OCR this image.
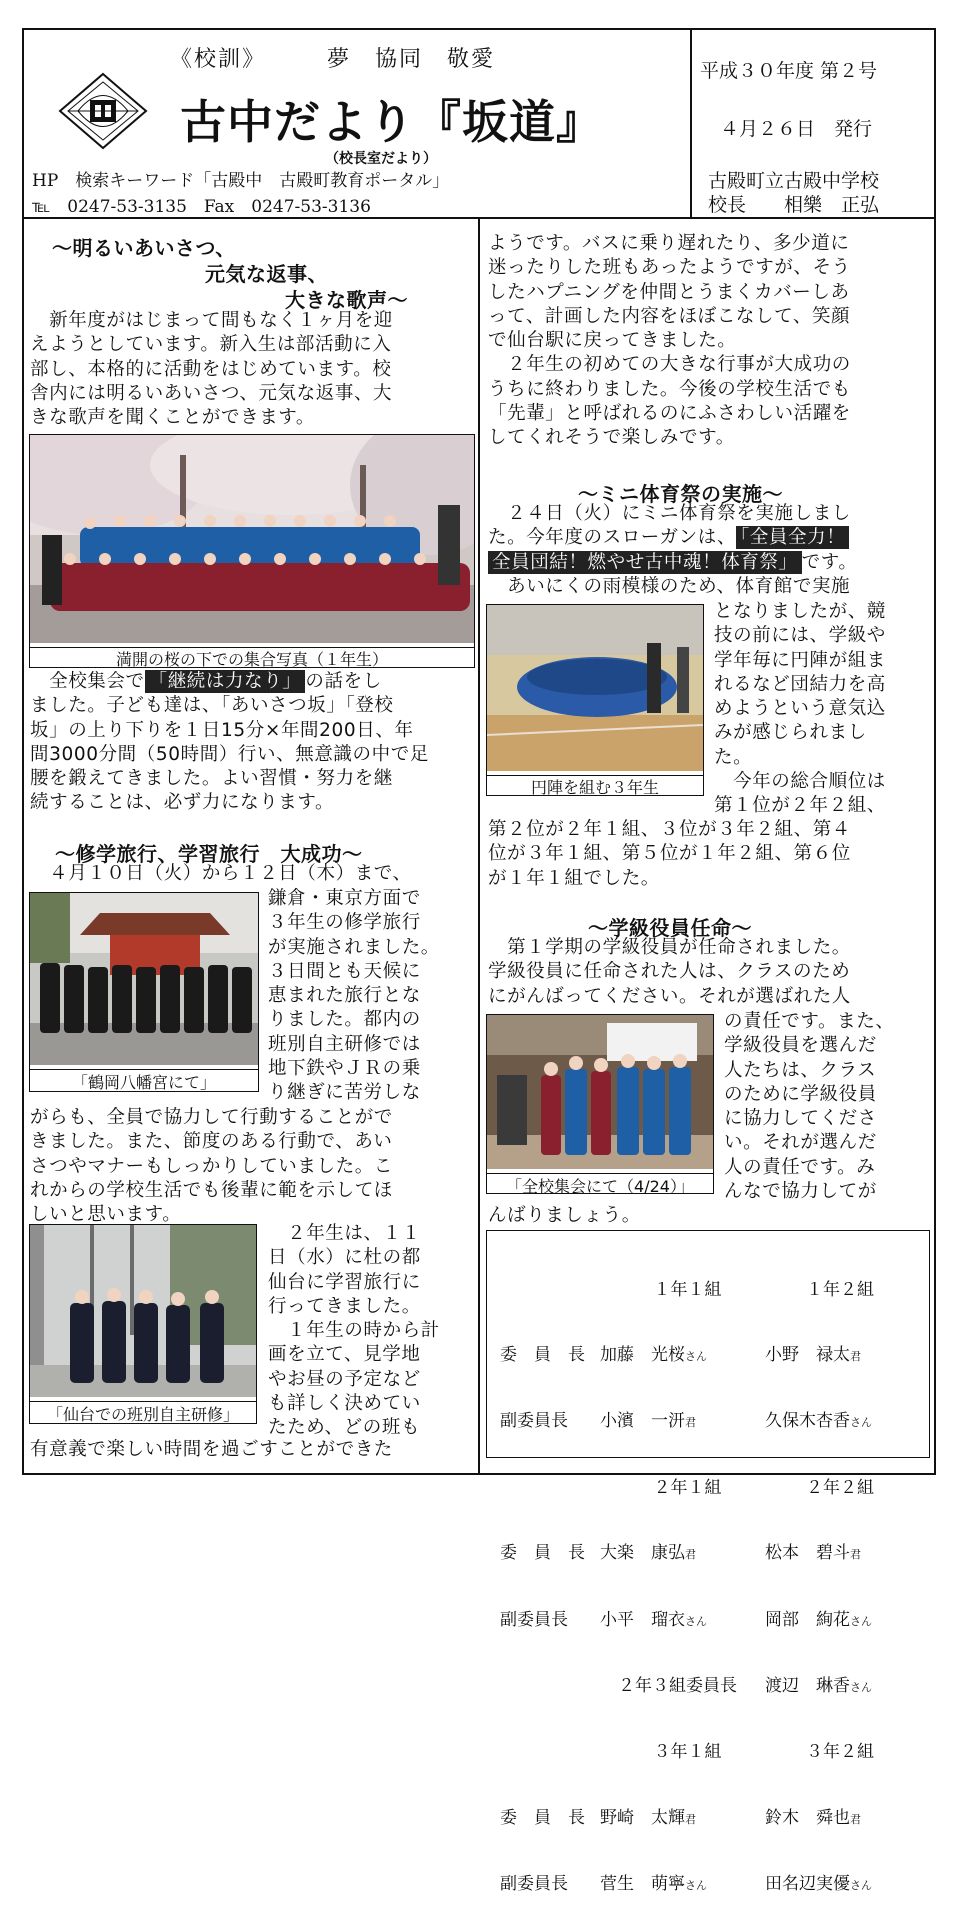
《校訓》　　　	夢　協同　敬愛
古中だより『坂道』
（校長室だより）
HP　検索キーワード「古殿中　古殿町教育ポータル」
℡　0247-53-3135　Fax　0247-53-3136
平成３０年度 第２号
４月２６日　発行
古殿町立古殿中学校
校長　　相樂　正弘
～明るいあいさつ、
元気な返事、
大きな歌声～

　新年度がはじまって間もなく１ヶ月を迎

えようとしています。新入生は部活動に入

部し、本格的に活動をはじめています。校

舎内には明るいあいさつ、元気な返事、大

きな歌声を聞くことができます。

満開の桜の下での集合写真（１年生）

　全校集会で 「継続は力なり」 の話をし

ました。子ども達は、「あいさつ坂」「登校

坂」の上り下りを１日15分×年間200日、年

間3000分間（50時間）行い、無意識の中で足

腰を鍛えてきました。よい習慣・努力を継

続することは、必ず力になります。

～修学旅行、学習旅行　大成功～

　４月１０日（火）から１２日（木）まで、

「鶴岡八幡宮にて」

鎌倉・東京方面で

３年生の修学旅行

が実施されました。

３日間とも天候に

恵まれた旅行とな

りました。都内の

班別自主研修では

地下鉄やＪＲの乗

り継ぎに苦労しな

がらも、全員で協力して行動することがで

きました。また、節度のある行動で、あい

さつやマナーもしっかりしていました。こ

れからの学校生活でも後輩に範を示してほ

しいと思います。

「仙台での班別自主研修」

　２年生は、１１

日（水）に杜の都

仙台に学習旅行に

行ってきました。

　１年生の時から計

画を立て、見学地

やお昼の予定など

も詳しく決めてい

たため、どの班も

有意義で楽しい時間を過ごすことができた

ようです。バスに乗り遅れたり、多少道に

迷ったりした班もあったようですが、そう

したハプニングを仲間とうまくカバーしあ

って、計画した内容をほぼこなして、笑顔

で仙台駅に戻ってきました。

　２年生の初めての大きな行事が大成功の

うちに終わりました。今後の学校生活でも

「先輩」と呼ばれるのにふさわしい活躍を

してくれそうで楽しみです。

～ミニ体育祭の実施～

　２４日（火）にミニ体育祭を実施しまし

た。今年度のスローガンは、 「全員全力！

全員団結！燃やせ古中魂！体育祭」 です。

　あいにくの雨模様のため、体育館で実施

円陣を組む３年生

となりましたが、競

技の前には、学級や

学年毎に円陣が組ま

れるなど団結力を高

めようという意気込

みが感じられまし

た。

　今年の総合順位は

第１位が２年２組、

第２位が２年１組、３位が３年２組、第４

位が３年１組、第５位が１年２組、第６位

が１年１組でした。

～学級役員任命～

　第１学期の学級役員が任命されました。

学級役員に任命された人は、クラスのため

にがんばってください。それが選ばれた人

「全校集会にて（4/24）」

の責任です。また、

学級役員を選んだ

人たちは、クラス

のために学級役員

に協力してくださ

い。それが選んだ

人の責任です。み

んなで協力してが

んばりましょう。

１年１組	１年２組

委　員　長 加藤　光桜さん	小野　禄太君

副委員長 小濱　一汧君	久保木杏香さん

２年１組	２年２組

委　員　長 大楽　康弘君	松本　碧斗君

副委員長 小平　瑠衣さん	岡部　絢花さん

２年３組委員長 渡辺　琳香さん

３年１組	３年２組

委　員　長 野崎　太輝君	鈴木　舜也君

副委員長 菅生　萌寧さん	田名辺実優さん
